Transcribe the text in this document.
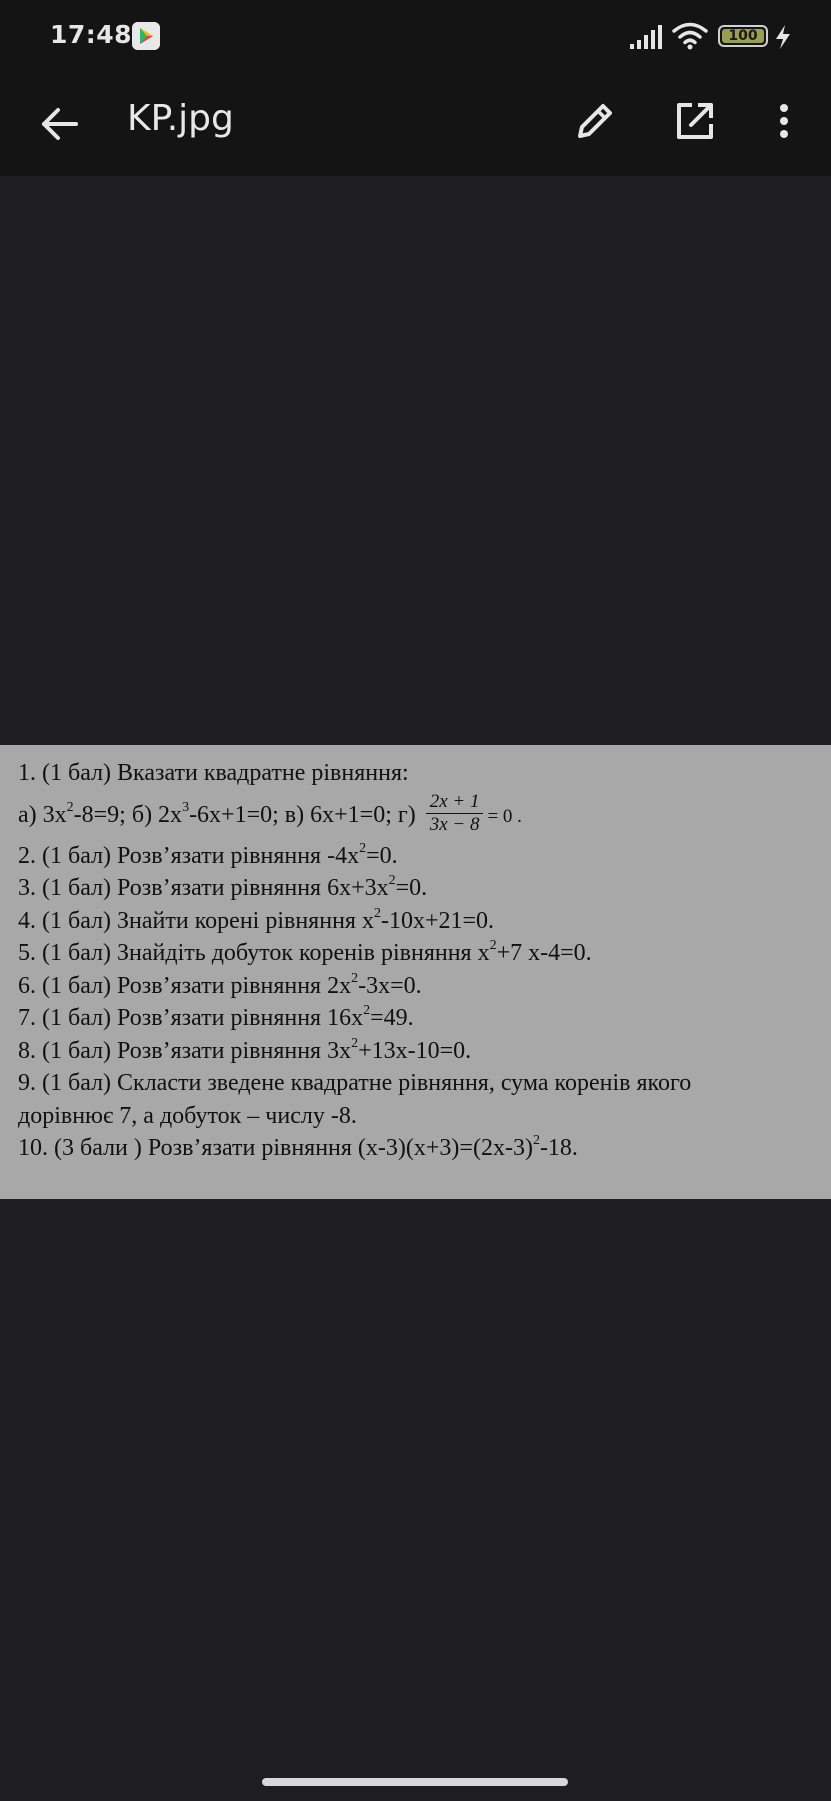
17:48	100
KP.jpg
1. (1 бал) Вказати квадратне рівняння:
а) $3x^2-8=9$; б) $2x^3-6x+1=0$; в) 6x+1=0; $г) \frac{2x + 1}{3x - 8} = 0$ .
2. (1 бал) Розв’язати рівняння $-4x^2=0$.
3. (1 бал) Розв’язати рівняння $6x+3x^2=0$.
4. (1 бал) Знайти корені рівняння $x^2-10x+21=0$.
5. (1 бал) Знайдіть добуток коренів рівняння $x^2+7$ x-4=0.
6. (1 бал) Розв’язати рівняння $2x^2-3x=0$.
7. (1 бал) Розв’язати рівняння $16x^2=49$.
8. (1 бал) Розв’язати рівняння $3x^2+13x-10=0$.
9. (1 бал) Скласти зведене квадратне рівняння, сума коренів якого
дорівнює 7, а добуток – числу -8.
10. (3 бали ) Розв’язати рівняння $(x-3)(x+3)=(2x-3)^2-18$.
